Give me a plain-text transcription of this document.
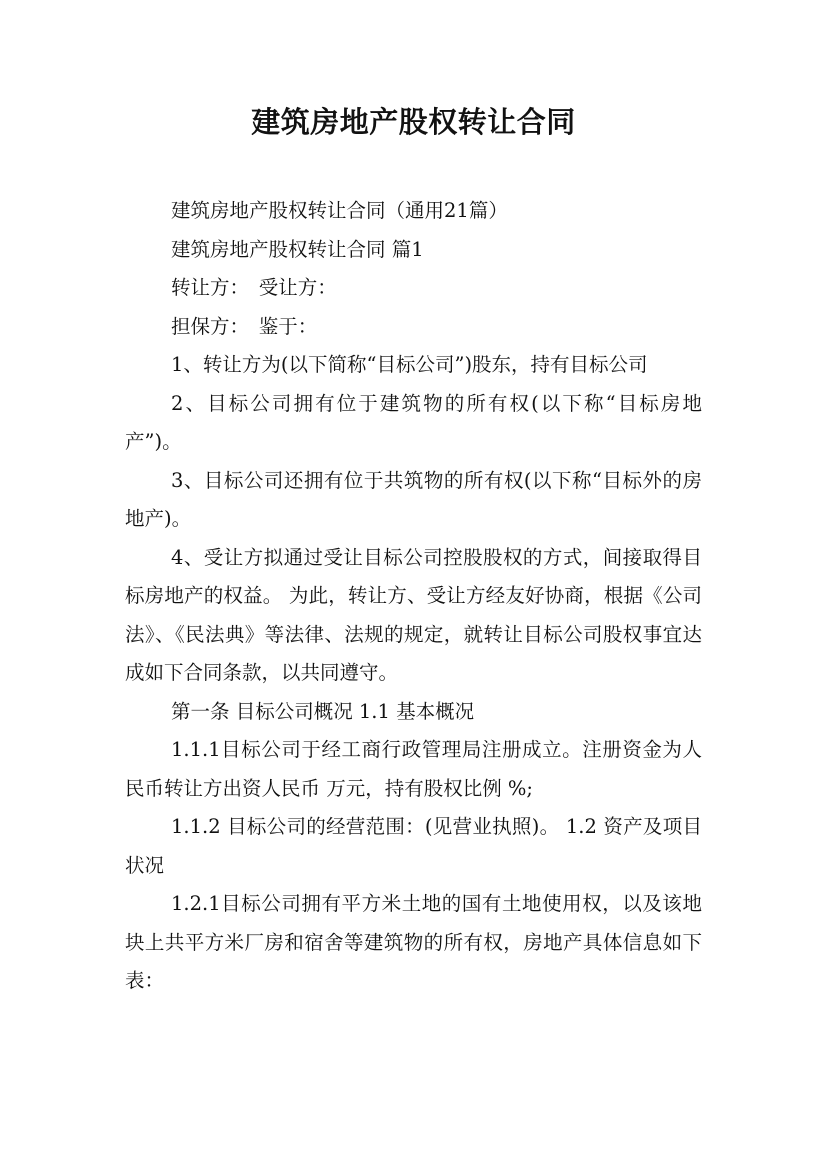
建筑房地产股权转让合同

建筑房地产股权转让合同（通用21篇）

建筑房地产股权转让合同 篇1

转让方：　受让方：

担保方：　鉴于：

1、转让方为(以下简称“目标公司”)股东，持有目标公司

2、目标公司拥有位于建筑物的所有权(以下称“目标房地产”)。

3、目标公司还拥有位于共筑物的所有权(以下称“目标外的房地产)。

4、受让方拟通过受让目标公司控股股权的方式，间接取得目标房地产的权益。 为此，转让方、受让方经友好协商，根据《公司法》、《民法典》等法律、法规的规定，就转让目标公司股权事宜达成如下合同条款，以共同遵守。

第一条 目标公司概况 1.1 基本概况

1.1.1目标公司于经工商行政管理局注册成立。注册资金为人民币转让方出资人民币 万元，持有股权比例 %;

1.1.2 目标公司的经营范围：(见营业执照)。 1.2 资产及项目状况

1.2.1目标公司拥有平方米土地的国有土地使用权，以及该地块上共平方米厂房和宿舍等建筑物的所有权，房地产具体信息如下表：
